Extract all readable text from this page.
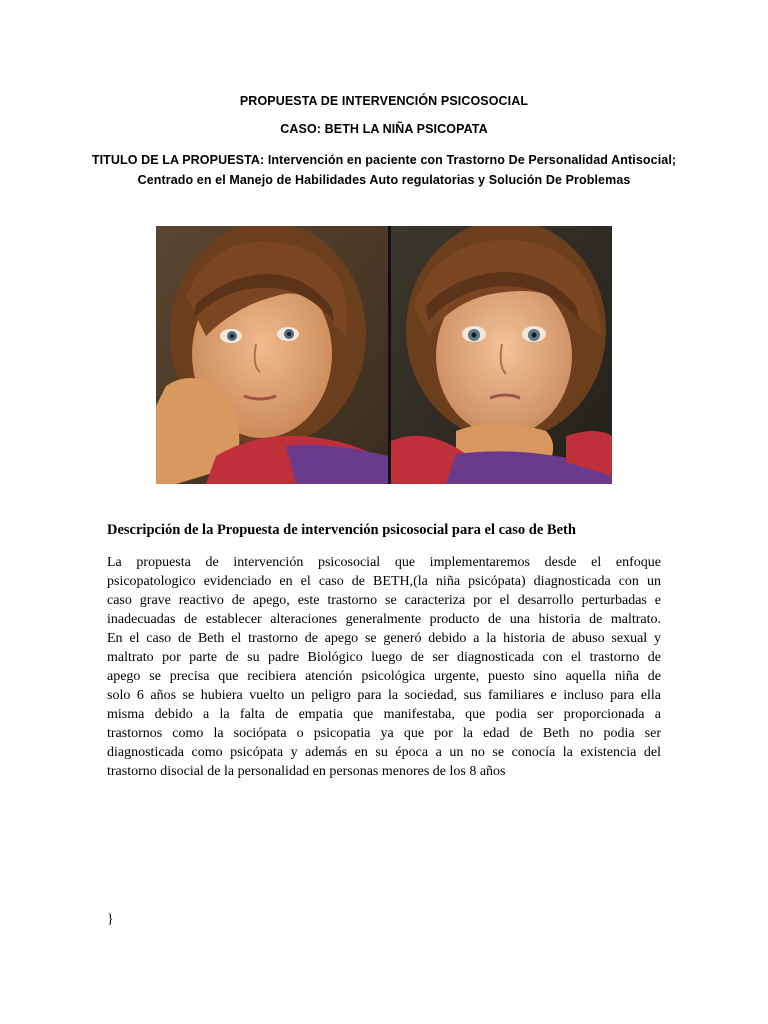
PROPUESTA DE INTERVENCIÓN PSICOSOCIAL
CASO: BETH LA NIÑA PSICOPATA
TITULO DE LA PROPUESTA: Intervención en paciente con Trastorno De Personalidad Antisocial;
Centrado en el Manejo de Habilidades Auto regulatorias y Solución De Problemas
Descripción de la Propuesta de intervención psicosocial para el caso de Beth
La propuesta de intervención psicosocial que implementaremos desde el enfoque
psicopatologico evidenciado en el caso de BETH,(la niña psicópata) diagnosticada con un
caso grave reactivo de apego, este trastorno se caracteriza por el desarrollo perturbadas e
inadecuadas de establecer alteraciones generalmente producto de una historia de maltrato.
En el caso de Beth el trastorno de apego se generó debido a la historia de abuso sexual y
maltrato por parte de su padre Biológico luego de ser diagnosticada con el trastorno de
apego se precisa que recibiera atención psicológica urgente, puesto sino aquella niña de
solo 6 años se hubiera vuelto un peligro para la sociedad, sus familiares e incluso para ella
misma debido a la falta de empatia que manifestaba, que podia ser proporcionada a
trastornos como la sociópata o psicopatia ya que por la edad de Beth no podia ser
diagnosticada como psicópata y además en su época a un no se conocía la existencia del
trastorno disocial de la personalidad en personas menores de los 8 años
}
